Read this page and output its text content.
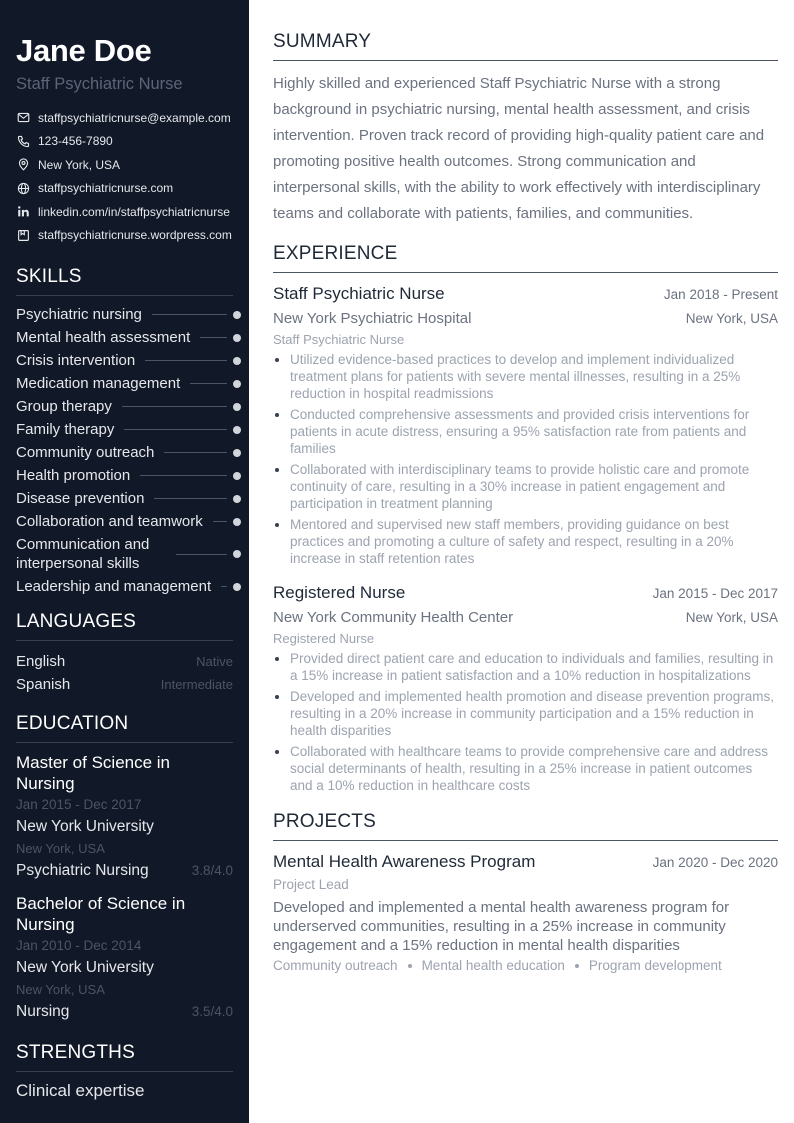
Jane Doe
Staff Psychiatric Nurse
staffpsychiatricnurse@example.com
123-456-7890
New York, USA
staffpsychiatricnurse.com
linkedin.com/in/staffpsychiatricnurse
staffpsychiatricnurse.wordpress.com
SKILLS
Psychiatric nursing
Mental health assessment
Crisis intervention
Medication management
Group therapy
Family therapy
Community outreach
Health promotion
Disease prevention
Collaboration and teamwork
Communication and interpersonal skills
Leadership and management
LANGUAGES
English	Native
Spanish	Intermediate
EDUCATION
Master of Science in Nursing
Jan 2015 - Dec 2017
New York University
New York, USA
Psychiatric Nursing	3.8/4.0
Bachelor of Science in Nursing
Jan 2010 - Dec 2014
New York University
New York, USA
Nursing	3.5/4.0
STRENGTHS
Clinical expertise
SUMMARY

Highly skilled and experienced Staff Psychiatric Nurse with a strong background in psychiatric nursing, mental health assessment, and crisis intervention. Proven track record of providing high-quality patient care and promoting positive health outcomes. Strong communication and interpersonal skills, with the ability to work effectively with interdisciplinary teams and collaborate with patients, families, and communities.

EXPERIENCE
Staff Psychiatric Nurse	Jan 2018 - Present
New York Psychiatric Hospital	New York, USA
Staff Psychiatric Nurse
Utilized evidence-based practices to develop and implement individualized treatment plans for patients with severe mental illnesses, resulting in a 25% reduction in hospital readmissions
Conducted comprehensive assessments and provided crisis interventions for patients in acute distress, ensuring a 95% satisfaction rate from patients and families
Collaborated with interdisciplinary teams to provide holistic care and promote continuity of care, resulting in a 30% increase in patient engagement and participation in treatment planning
Mentored and supervised new staff members, providing guidance on best practices and promoting a culture of safety and respect, resulting in a 20% increase in staff retention rates
Registered Nurse	Jan 2015 - Dec 2017
New York Community Health Center	New York, USA
Registered Nurse
Provided direct patient care and education to individuals and families, resulting in a 15% increase in patient satisfaction and a 10% reduction in hospitalizations
Developed and implemented health promotion and disease prevention programs, resulting in a 20% increase in community participation and a 15% reduction in health disparities
Collaborated with healthcare teams to provide comprehensive care and address social determinants of health, resulting in a 25% increase in patient outcomes and a 10% reduction in healthcare costs
PROJECTS
Mental Health Awareness Program	Jan 2020 - Dec 2020
Project Lead
Developed and implemented a mental health awareness program for underserved communities, resulting in a 25% increase in community engagement and a 15% reduction in mental health disparities
Community outreach Mental health education Program development
